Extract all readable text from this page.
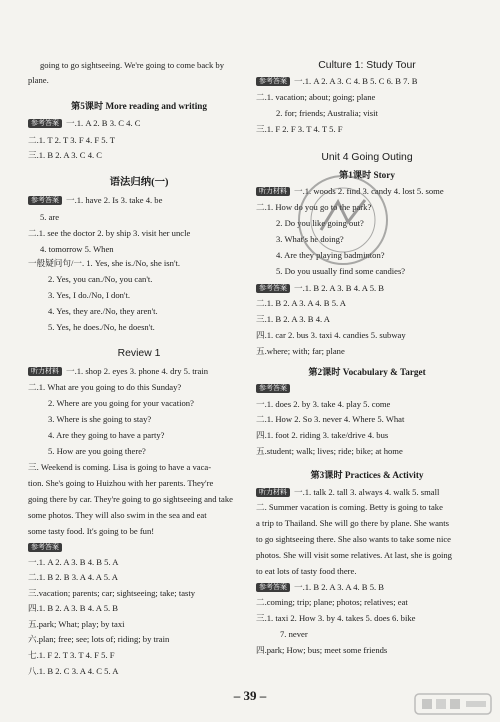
going to go sightseeing. We're going to come back by
plane.
第5课时 More reading and writing
参考答案 一.1. A 2. B 3. C 4. C
二.1. T 2. T 3. F 4. F 5. T
三.1. B 2. A 3. C 4. C
语法归纳(一)
参考答案 一.1. have 2. Is 3. take 4. be
5. are
二.1. see the doctor 2. by ship 3. visit her uncle
4. tomorrow 5. When
一般疑问句/一. 1. Yes, she is./No, she isn't.
2. Yes, you can./No, you can't.
3. Yes, I do./No, I don't.
4. Yes, they are./No, they aren't.
5. Yes, he does./No, he doesn't.
Review 1
听力材料 一.1. shop 2. eyes 3. phone 4. dry 5. train
二.1. What are you going to do this Sunday?
2. Where are you going for your vacation?
3. Where is she going to stay?
4. Are they going to have a party?
5. How are you going there?
三. Weekend is coming. Lisa is going to have a vaca-
tion. She's going to Huizhou with her parents. They're
going there by car. They're going to go sightseeing and take
some photos. They will also swim in the sea and eat
some tasty food. It's going to be fun!
参考答案
一.1. A 2. A 3. B 4. B 5. A
二.1. B 2. B 3. A 4. A 5. A
三.vacation; parents; car; sightseeing; take; tasty
四.1. B 2. A 3. B 4. A 5. B
五.park; What; play; by taxi
六.plan; free; see; lots of; riding; by train
七.1. F 2. T 3. T 4. F 5. F
八.1. B 2. C 3. A 4. C 5. A
Culture 1: Study Tour
参考答案 一.1. A 2. A 3. C 4. B 5. C 6. B 7. B
二.1. vacation; about; going; plane
2. for; friends; Australia; visit
三.1. F 2. F 3. T 4. T 5. F
Unit 4 Going Outing
第1课时 Story
听力材料 一.1. woods 2. find 3. candy 4. lost 5. some
二.1. How do you go to the park?
2. Do you like going out?
3. What's he doing?
4. Are they playing badminton?
5. Do you usually find some candies?
参考答案 一.1. B 2. A 3. B 4. A 5. B
二.1. B 2. A 3. A 4. B 5. A
三.1. B 2. A 3. B 4. A
四.1. car 2. bus 3. taxi 4. candies 5. subway
五.where; with; far; plane
第2课时 Vocabulary & Target
参考答案
一.1. does 2. by 3. take 4. play 5. come
二.1. How 2. So 3. never 4. Where 5. What
四.1. foot 2. riding 3. take/drive 4. bus
五.student; walk; lives; ride; bike; at home
第3课时 Practices & Activity
听力材料 一.1. talk 2. tall 3. always 4. walk 5. small
二. Summer vacation is coming. Betty is going to take
a trip to Thailand. She will go there by plane. She wants
to go sightseeing there. She also wants to take some nice
photos. She will visit some relatives. At last, she is going
to eat lots of tasty food there.
参考答案 一.1. B 2. A 3. A 4. B 5. B
二.coming; trip; plane; photos; relatives; eat
三.1. taxi 2. How 3. by 4. takes 5. does 6. bike
7. never
四.park; How; bus; meet some friends
– 39 –
